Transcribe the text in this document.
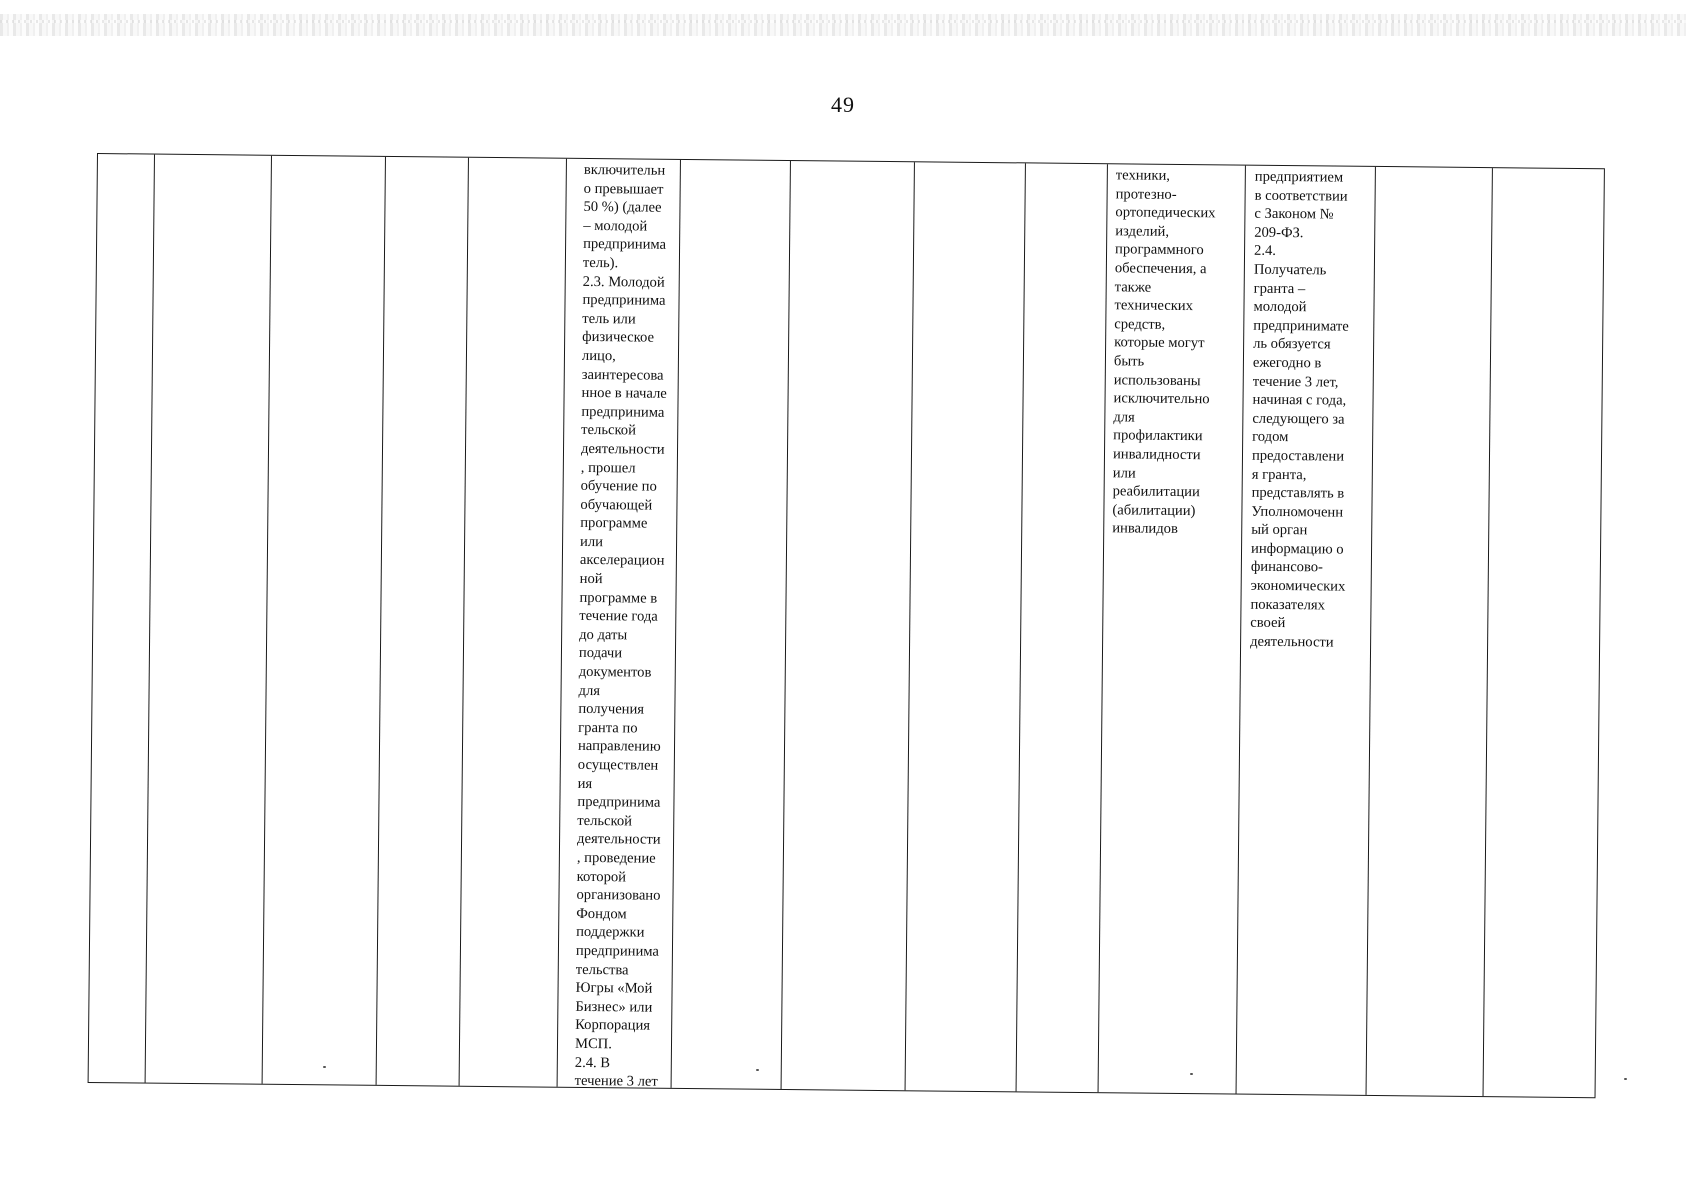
49
включительн
о превышает
50 %) (далее
– молодой
предпринима
тель).
2.3. Молодой
предпринима
тель или
физическое
лицо,
заинтересова
нное в начале
предпринима
тельской
деятельности
, прошел
обучение по
обучающей
программе
или
акселерацион
ной
программе в
течение года
до даты
подачи
документов
для
получения
гранта по
направлению
осуществлен
ия
предпринима
тельской
деятельности
, проведение
которой
организовано
Фондом
поддержки
предпринима
тельства
Югры «Мой
Бизнес» или
Корпорация
МСП.
2.4. В
течение 3 лет
техники,
протезно-
ортопедических
изделий,
программного
обеспечения, а
также
технических
средств,
которые могут
быть
использованы
исключительно
для
профилактики
инвалидности
или
реабилитации
(абилитации)
инвалидов
предприятием
в соответствии
с Законом №
209-ФЗ.
2.4.
Получатель
гранта –
молодой
предпринимате
ль обязуется
ежегодно в
течение 3 лет,
начиная с года,
следующего за
годом
предоставлени
я гранта,
представлять в
Уполномоченн
ый орган
информацию о
финансово-
экономических
показателях
своей
деятельности
